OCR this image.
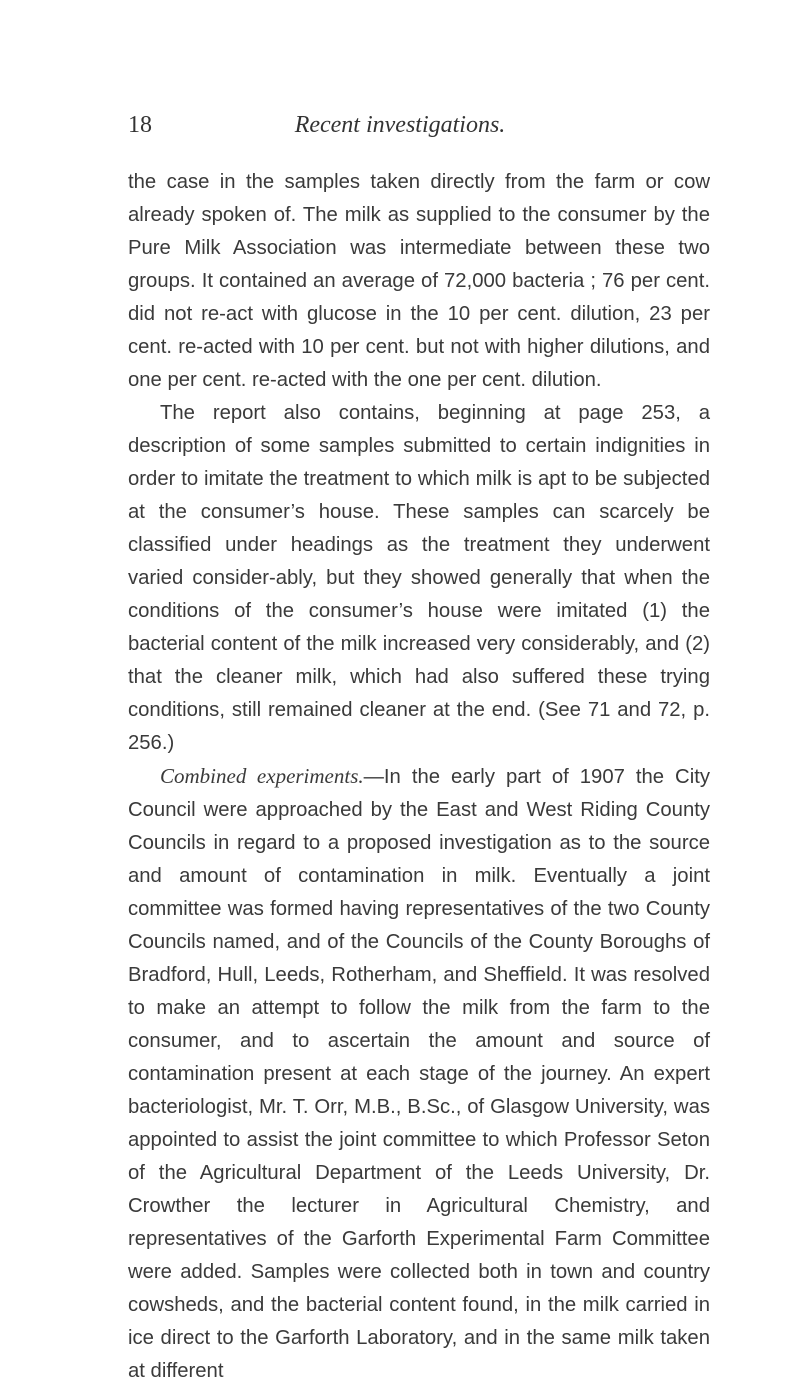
18	Recent investigations.

the case in the samples taken directly from the farm or cow already spoken of. The milk as supplied to the consumer by the Pure Milk Association was intermediate between these two groups. It contained an average of 72,000 bacteria ; 76 per cent. did not re-act with glucose in the 10 per cent. dilution, 23 per cent. re-acted with 10 per cent. but not with higher dilutions, and one per cent. re-acted with the one per cent. dilution.

The report also contains, beginning at page 253, a description of some samples submitted to certain indignities in order to imitate the treatment to which milk is apt to be subjected at the consumer’s house. These samples can scarcely be classified under headings as the treatment they underwent varied consider-ably, but they showed generally that when the conditions of the consumer’s house were imitated (1) the bacterial content of the milk increased very considerably, and (2) that the cleaner milk, which had also suffered these trying conditions, still remained cleaner at the end. (See 71 and 72, p. 256.)

Combined experiments.—In the early part of 1907 the City Council were approached by the East and West Riding County Councils in regard to a proposed investigation as to the source and amount of contamination in milk. Eventually a joint committee was formed having representatives of the two County Councils named, and of the Councils of the County Boroughs of Bradford, Hull, Leeds, Rotherham, and Sheffield. It was resolved to make an attempt to follow the milk from the farm to the consumer, and to ascertain the amount and source of contamination present at each stage of the journey. An expert bacteriologist, Mr. T. Orr, M.B., B.Sc., of Glasgow University, was appointed to assist the joint committee to which Professor Seton of the Agricultural Department of the Leeds University, Dr. Crowther the lecturer in Agricultural Chemistry, and representatives of the Garforth Experimental Farm Committee were added. Samples were collected both in town and country cowsheds, and the bacterial content found, in the milk carried in ice direct to the Garforth Laboratory, and in the same milk taken at different
